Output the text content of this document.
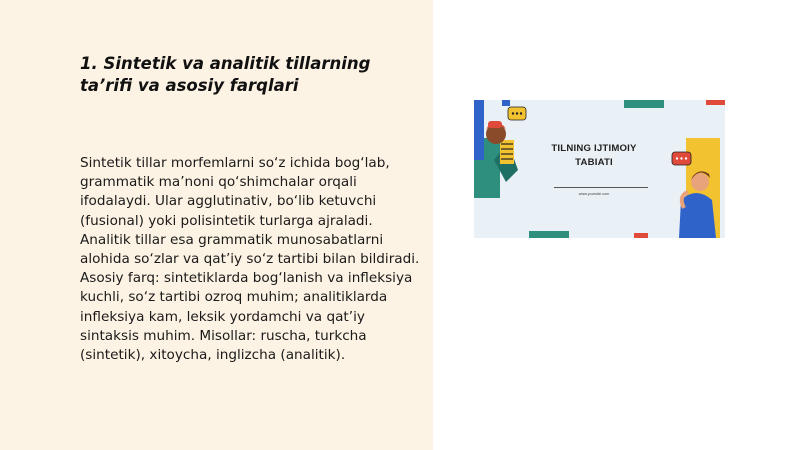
1. Sintetik va analitik tillarning ta’rifi va asosiy farqlari

Sintetik tillar morfemlarni so‘z ichida bog‘lab, grammatik ma’noni qo‘shimchalar orqali ifodalaydi. Ular agglutinativ, bo‘lib ketuvchi (fusional) yoki polisintetik turlarga ajraladi. Analitik tillar esa grammatik munosabatlarni alohida so‘zlar va qat’iy so‘z tartibi bilan bildiradi. Asosiy farq: sintetiklarda bog‘lanish va infleksiya kuchli, so‘z tartibi ozroq muhim; analitiklarda infleksiya kam, leksik yordamchi va qat’iy sintaksis muhim. Misollar: ruscha, turkcha (sintetik), xitoycha, inglizcha (analitik).

TILNING IJTIMOIY TABIATI
www.yoursite.com
